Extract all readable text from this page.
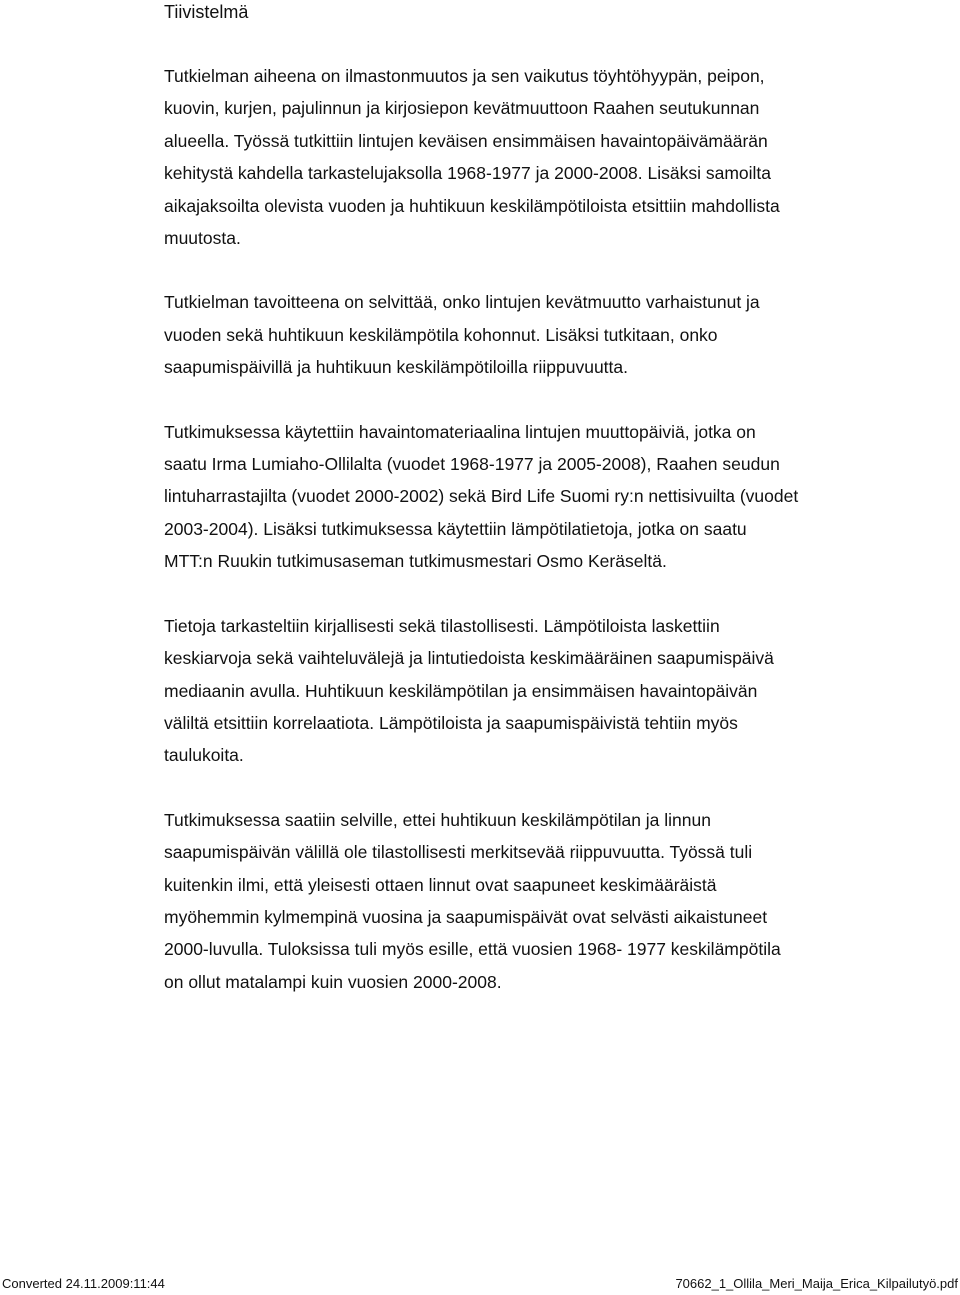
Tiivistelmä

Tutkielman aiheena on ilmastonmuutos ja sen vaikutus töyhtöhyypän, peipon, kuovin, kurjen, pajulinnun ja kirjosiepon kevätmuuttoon Raahen seutukunnan alueella. Työssä tutkittiin lintujen keväisen ensimmäisen havaintopäivämäärän kehitystä kahdella tarkastelujaksolla 1968‑1977 ja 2000‑2008. Lisäksi samoilta aikajaksoilta olevista vuoden ja huhtikuun keskilämpötiloista etsittiin mahdollista muutosta.

Tutkielman tavoitteena on selvittää, onko lintujen kevätmuutto varhaistunut ja vuoden sekä huhtikuun keskilämpötila kohonnut. Lisäksi tutkitaan, onko saapumispäivillä ja huhtikuun keskilämpötiloilla riippuvuutta.

Tutkimuksessa käytettiin havaintomateriaalina lintujen muuttopäiviä, jotka on saatu Irma Lumiaho-Ollilalta (vuodet 1968‑1977 ja 2005‑2008), Raahen seudun lintuharrastajilta (vuodet 2000‑2002) sekä Bird Life Suomi ry:n nettisivuilta (vuodet 2003‑2004). Lisäksi tutkimuksessa käytettiin lämpötilatietoja, jotka on saatu MTT:n Ruukin tutkimusaseman tutkimusmestari Osmo Keräseltä.

Tietoja tarkasteltiin kirjallisesti sekä tilastollisesti. Lämpötiloista laskettiin keskiarvoja sekä vaihteluvälejä ja lintutiedoista keskimääräinen saapumispäivä mediaanin avulla. Huhtikuun keskilämpötilan ja ensimmäisen havaintopäivän väliltä etsittiin korrelaatiota. Lämpötiloista ja saapumispäivistä tehtiin myös taulukoita.

Tutkimuksessa saatiin selville, ettei huhtikuun keskilämpötilan ja linnun saapumispäivän välillä ole tilastollisesti merkitsevää riippuvuutta. Työssä tuli kuitenkin ilmi, että yleisesti ottaen linnut ovat saapuneet keskimääräistä myöhemmin kylmempinä vuosina ja saapumispäivät ovat selvästi aikaistuneet 2000-luvulla. Tuloksissa tuli myös esille, että vuosien 1968‑ 1977 keskilämpötila on ollut matalampi kuin vuosien 2000‑2008.

Converted 24.11.2009:11:44	70662_1_Ollila_Meri_Maija_Erica_Kilpailutyö.pdf
